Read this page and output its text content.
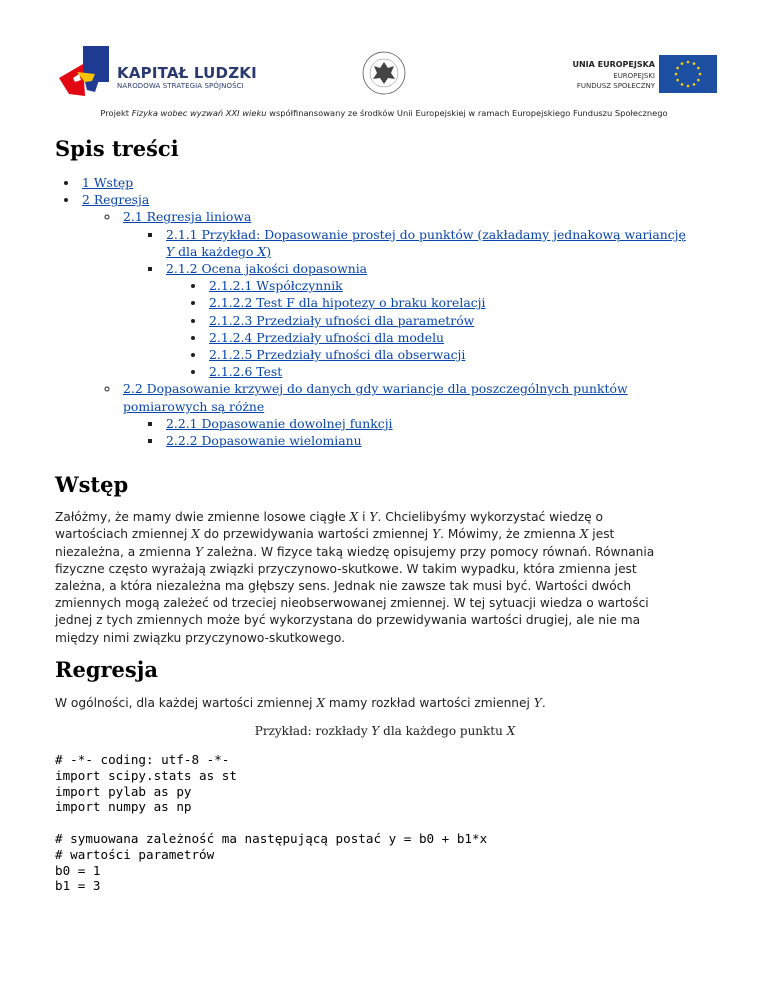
KAPITAŁ LUDZKI
NARODOWA STRATEGIA SPÓJNOŚCI
UNIA EUROPEJSKA
EUROPEJSKI
FUNDUSZ SPOŁECZNY
Projekt Fizyka wobec wyzwań XXI wieku współfinansowany ze środków Unii Europejskiej w ramach Europejskiego Funduszu Społecznego
Spis treści
• 1 Wstęp
• 2 Regresja
◦ 2.1 Regresja liniowa
▪ 2.1.1 Przykład: Dopasowanie prostej do punktów (zakładamy jednakową wariancję
Y dla każdego X)
▪ 2.1.2 Ocena jakości dopasownia
• 2.1.2.1 Współczynnik
• 2.1.2.2 Test F dla hipotezy o braku korelacji
• 2.1.2.3 Przedziały ufności dla parametrów
• 2.1.2.4 Przedziały ufności dla modelu
• 2.1.2.5 Przedziały ufności dla obserwacji
• 2.1.2.6 Test
◦ 2.2 Dopasowanie krzywej do danych gdy wariancje dla poszczególnych punktów
pomiarowych są różne
▪ 2.2.1 Dopasowanie dowolnej funkcji
▪ 2.2.2 Dopasowanie wielomianu
Wstęp

Załóżmy, że mamy dwie zmienne losowe ciągłe X i Y. Chcielibyśmy wykorzystać wiedzę o

wartościach zmiennej X do przewidywania wartości zmiennej Y. Mówimy, że zmienna X jest

niezależna, a zmienna Y zależna. W fizyce taką wiedzę opisujemy przy pomocy równań. Równania

fizyczne często wyrażają związki przyczynowo-skutkowe. W takim wypadku, która zmienna jest

zależna, a która niezależna ma głębszy sens. Jednak nie zawsze tak musi być. Wartości dwóch

zmiennych mogą zależeć od trzeciej nieobserwowanej zmiennej. W tej sytuacji wiedza o wartości

jednej z tych zmiennych może być wykorzystana do przewidywania wartości drugiej, ale nie ma

między nimi związku przyczynowo-skutkowego.

Regresja

W ogólności, dla każdej wartości zmiennej X mamy rozkład wartości zmiennej Y.

Przykład: rozkłady Y dla każdego punktu X
# -*- coding: utf-8 -*-
import scipy.stats as st
import pylab as py
import numpy as np
# symuowana zależność ma następującą postać y = b0 + b1*x
# wartości parametrów
b0 = 1
b1 = 3
